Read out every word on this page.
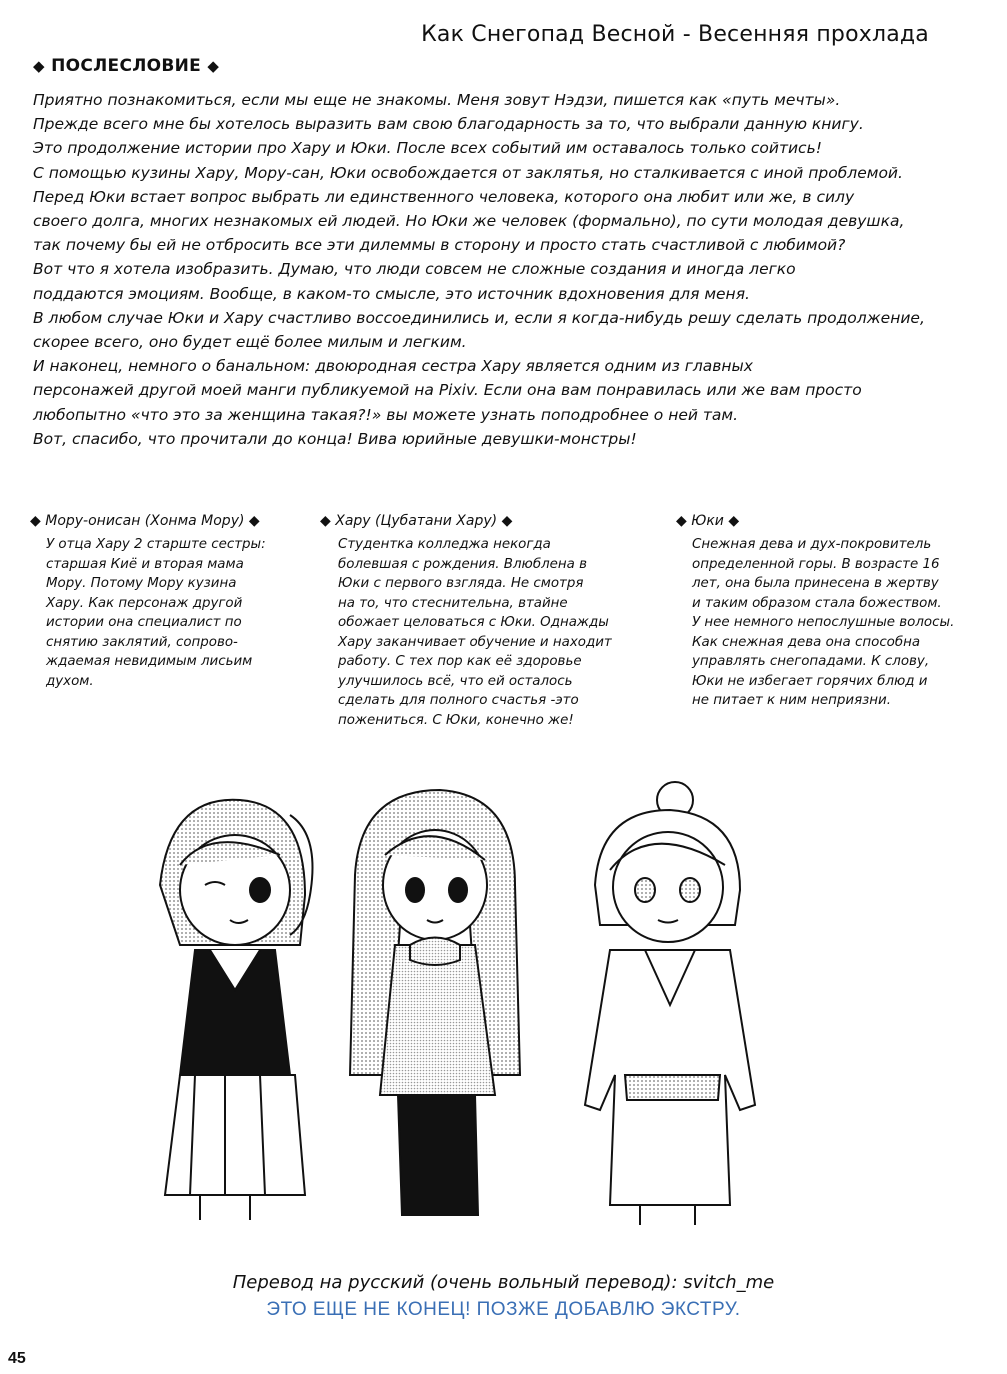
Как Снегопад Весной - Весенняя прохлада
◆ ПОСЛЕСЛОВИЕ ◆
Приятно познакомиться, если мы еще не знакомы. Меня зовут Нэдзи, пишется как «путь мечты».
Прежде всего мне бы хотелось выразить вам свою благодарность за то, что выбрали данную книгу.
Это продолжение истории про Хару и Юки. После всех событий им оставалось только сойтись!
С помощью кузины Хару, Мору-сан, Юки освобождается от заклятья, но сталкивается с иной проблемой.
Перед Юки встает вопрос выбрать ли единственного человека, которого она любит или же, в силу
своего долга, многих незнакомых ей людей. Но Юки же человек (формально), по сути молодая девушка,
так почему бы ей не отбросить все эти дилеммы в сторону и просто стать счастливой с любимой?
Вот что я хотела изобразить. Думаю, что люди совсем не сложные создания и иногда легко
поддаются эмоциям. Вообще, в каком-то смысле, это источник вдохновения для меня.
В любом случае Юки и Хару счастливо воссоединились и, если я когда-нибудь решу сделать продолжение,
скорее всего, оно будет ещё более милым и легким.
И наконец, немного о банальном: двоюродная сестра Хару является одним из главных
персонажей другой моей манги публикуемой на Pixiv. Если она вам понравилась или же вам просто
любопытно «что это за женщина такая?!» вы можете узнать поподробнее о ней там.
Вот, спасибо, что прочитали до конца! Вива юрийные девушки-монстры!
◆ Мору-онисан (Хонма Мору) ◆
У отца Хару 2 старште сестры:
старшая Киё и вторая мама
Мору. Потому Мору кузина
Хару. Как персонаж другой
истории она специалист по
снятию заклятий, сопрово-
ждаемая невидимым лисьим
духом.
◆ Хару (Цубатани Хару) ◆
Студентка колледжа некогда
болевшая с рождения. Влюблена в
Юки с первого взгляда. Не смотря
на то, что стеснительна, втайне
обожает целоваться с Юки. Однажды
Хару заканчивает обучение и находит
работу. С тех пор как её здоровье
улучшилось всё, что ей осталось
сделать для полного счастья -это
пожениться. С Юки, конечно же!
◆ Юки ◆
Снежная дева и дух-покровитель
определенной горы. В возрасте 16
лет, она была принесена в жертву
и таким образом стала божеством.
У нее немного непослушные волосы.
Как снежная дева она способна
управлять снегопадами. К слову,
Юки не избегает горячих блюд и
не питает к ним неприязни.
Перевод на русский (очень вольный перевод): svitch_me
ЭТО ЕЩЕ НЕ КОНЕЦ! ПОЗЖЕ ДОБАВЛЮ ЭКСТРУ.
45
